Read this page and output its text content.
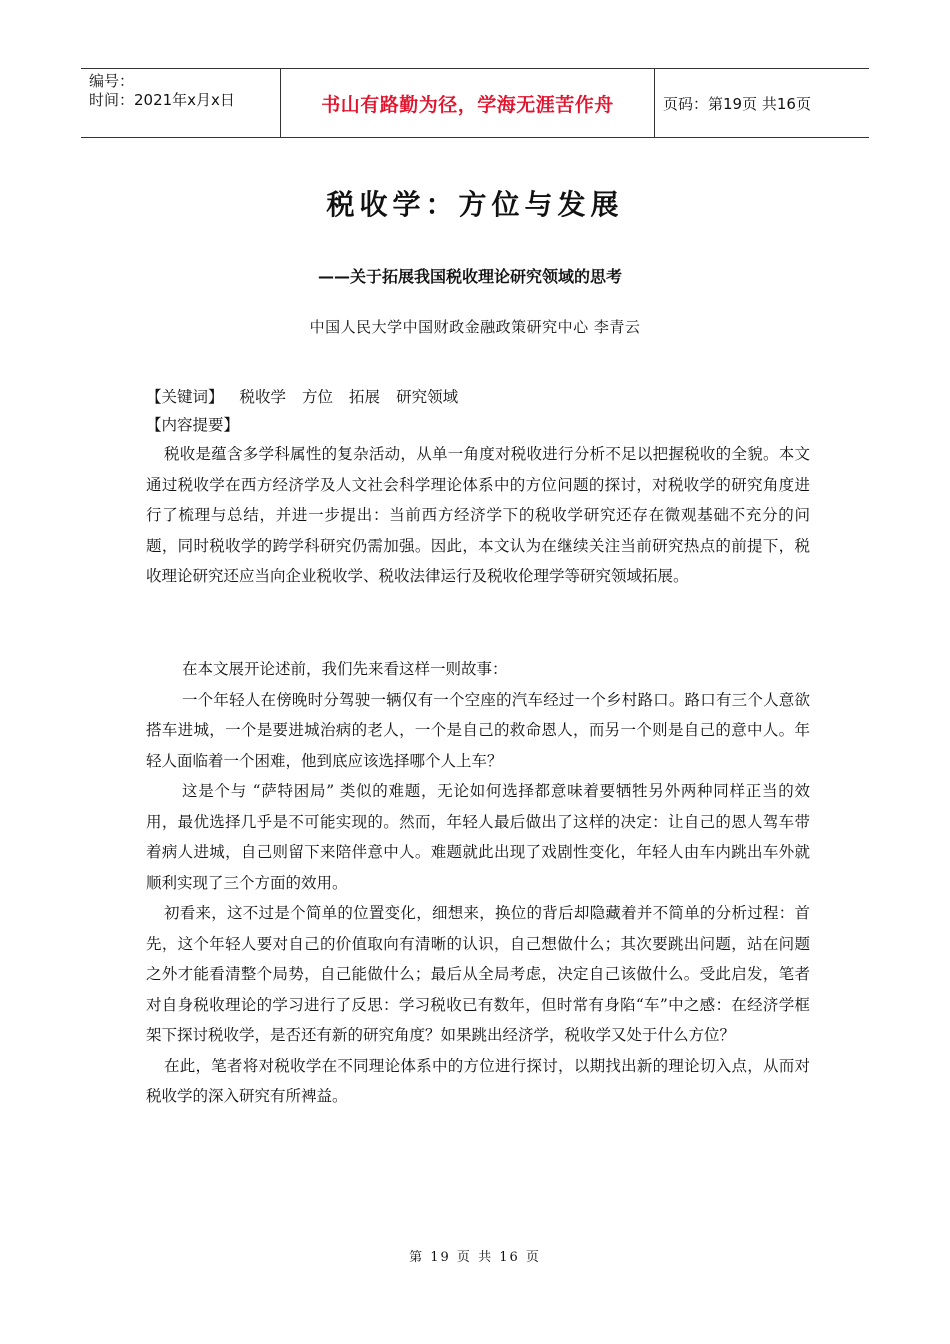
编号：
时间：2021年x月x日	书山有路勤为径，学海无涯苦作舟	页码：第19页 共16页
税收学：方位与发展
——关于拓展我国税收理论研究领域的思考
中国人民大学中国财政金融政策研究中心 李青云
【关键词】 税收学 方位 拓展 研究领域
【内容提要】

税收是蕴含多学科属性的复杂活动，从单一角度对税收进行分析不足以把握税收的全貌。本文通过税收学在西方经济学及人文社会科学理论体系中的方位问题的探讨，对税收学的研究角度进行了梳理与总结，并进一步提出：当前西方经济学下的税收学研究还存在微观基础不充分的问题，同时税收学的跨学科研究仍需加强。因此，本文认为在继续关注当前研究热点的前提下，税收理论研究还应当向企业税收学、税收法律运行及税收伦理学等研究领域拓展。

在本文展开论述前，我们先来看这样一则故事：

一个年轻人在傍晚时分驾驶一辆仅有一个空座的汽车经过一个乡村路口。路口有三个人意欲搭车进城，一个是要进城治病的老人，一个是自己的救命恩人，而另一个则是自己的意中人。年轻人面临着一个困难，他到底应该选择哪个人上车？

这是个与 “萨特困局” 类似的难题，无论如何选择都意味着要牺牲另外两种同样正当的效用，最优选择几乎是不可能实现的。然而，年轻人最后做出了这样的决定：让自己的恩人驾车带着病人进城，自己则留下来陪伴意中人。难题就此出现了戏剧性变化，年轻人由车内跳出车外就顺利实现了三个方面的效用。

初看来，这不过是个简单的位置变化，细想来，换位的背后却隐藏着并不简单的分析过程：首先，这个年轻人要对自己的价值取向有清晰的认识，自己想做什么；其次要跳出问题，站在问题之外才能看清整个局势，自己能做什么；最后从全局考虑，决定自己该做什么。受此启发，笔者对自身税收理论的学习进行了反思：学习税收已有数年，但时常有身陷“车”中之感：在经济学框架下探讨税收学，是否还有新的研究角度？如果跳出经济学，税收学又处于什么方位？

在此，笔者将对税收学在不同理论体系中的方位进行探讨，以期找出新的理论切入点，从而对税收学的深入研究有所裨益。

第 19 页 共 16 页
